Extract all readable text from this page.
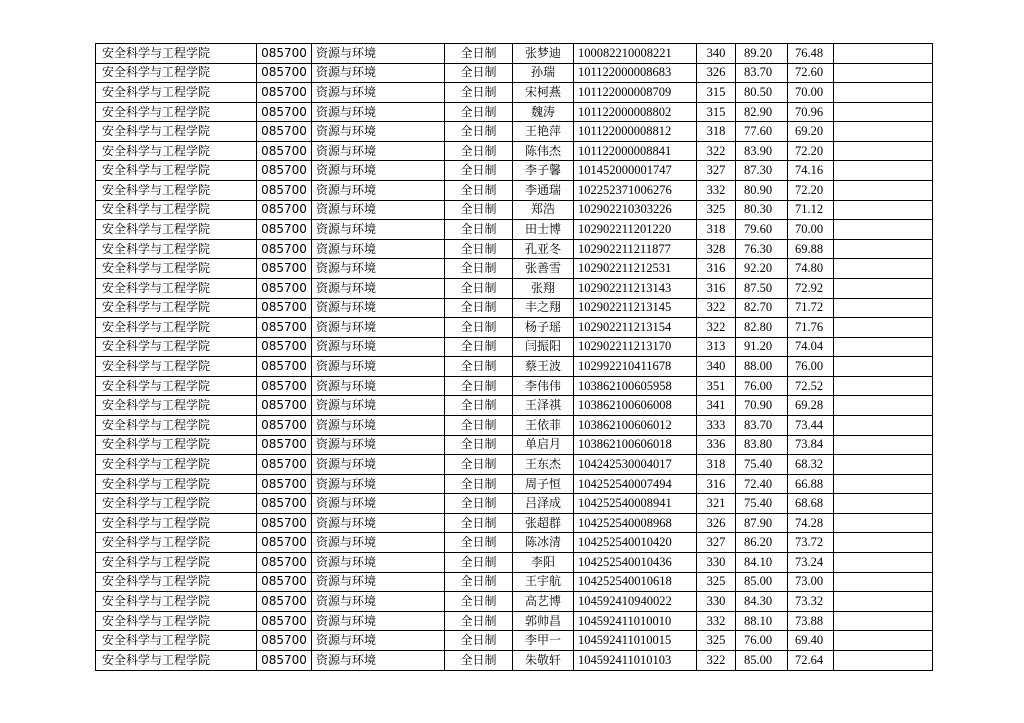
安全科学与工程学院	085700	资源与环境	全日制	张梦迪	100082210008221	340	89.20	76.48	
安全科学与工程学院	085700	资源与环境	全日制	孙瑞	101122000008683	326	83.70	72.60	
安全科学与工程学院	085700	资源与环境	全日制	宋柯燕	101122000008709	315	80.50	70.00	
安全科学与工程学院	085700	资源与环境	全日制	魏涛	101122000008802	315	82.90	70.96	
安全科学与工程学院	085700	资源与环境	全日制	王艳萍	101122000008812	318	77.60	69.20	
安全科学与工程学院	085700	资源与环境	全日制	陈伟杰	101122000008841	322	83.90	72.20	
安全科学与工程学院	085700	资源与环境	全日制	李子馨	101452000001747	327	87.30	74.16	
安全科学与工程学院	085700	资源与环境	全日制	李通瑞	102252371006276	332	80.90	72.20	
安全科学与工程学院	085700	资源与环境	全日制	郑浩	102902210303226	325	80.30	71.12	
安全科学与工程学院	085700	资源与环境	全日制	田士博	102902211201220	318	79.60	70.00	
安全科学与工程学院	085700	资源与环境	全日制	孔亚冬	102902211211877	328	76.30	69.88	
安全科学与工程学院	085700	资源与环境	全日制	张善雪	102902211212531	316	92.20	74.80	
安全科学与工程学院	085700	资源与环境	全日制	张翔	102902211213143	316	87.50	72.92	
安全科学与工程学院	085700	资源与环境	全日制	丰之翔	102902211213145	322	82.70	71.72	
安全科学与工程学院	085700	资源与环境	全日制	杨子瑶	102902211213154	322	82.80	71.76	
安全科学与工程学院	085700	资源与环境	全日制	闫振阳	102902211213170	313	91.20	74.04	
安全科学与工程学院	085700	资源与环境	全日制	蔡王波	102992210411678	340	88.00	76.00	
安全科学与工程学院	085700	资源与环境	全日制	李伟伟	103862100605958	351	76.00	72.52	
安全科学与工程学院	085700	资源与环境	全日制	王泽祺	103862100606008	341	70.90	69.28	
安全科学与工程学院	085700	资源与环境	全日制	王依菲	103862100606012	333	83.70	73.44	
安全科学与工程学院	085700	资源与环境	全日制	单启月	103862100606018	336	83.80	73.84	
安全科学与工程学院	085700	资源与环境	全日制	王东杰	104242530004017	318	75.40	68.32	
安全科学与工程学院	085700	资源与环境	全日制	周子恒	104252540007494	316	72.40	66.88	
安全科学与工程学院	085700	资源与环境	全日制	吕泽成	104252540008941	321	75.40	68.68	
安全科学与工程学院	085700	资源与环境	全日制	张超群	104252540008968	326	87.90	74.28	
安全科学与工程学院	085700	资源与环境	全日制	陈冰清	104252540010420	327	86.20	73.72	
安全科学与工程学院	085700	资源与环境	全日制	李阳	104252540010436	330	84.10	73.24	
安全科学与工程学院	085700	资源与环境	全日制	王宇航	104252540010618	325	85.00	73.00	
安全科学与工程学院	085700	资源与环境	全日制	高艺博	104592410940022	330	84.30	73.32	
安全科学与工程学院	085700	资源与环境	全日制	郭帅昌	104592411010010	332	88.10	73.88	
安全科学与工程学院	085700	资源与环境	全日制	李甲一	104592411010015	325	76.00	69.40	
安全科学与工程学院	085700	资源与环境	全日制	朱敬轩	104592411010103	322	85.00	72.64	
